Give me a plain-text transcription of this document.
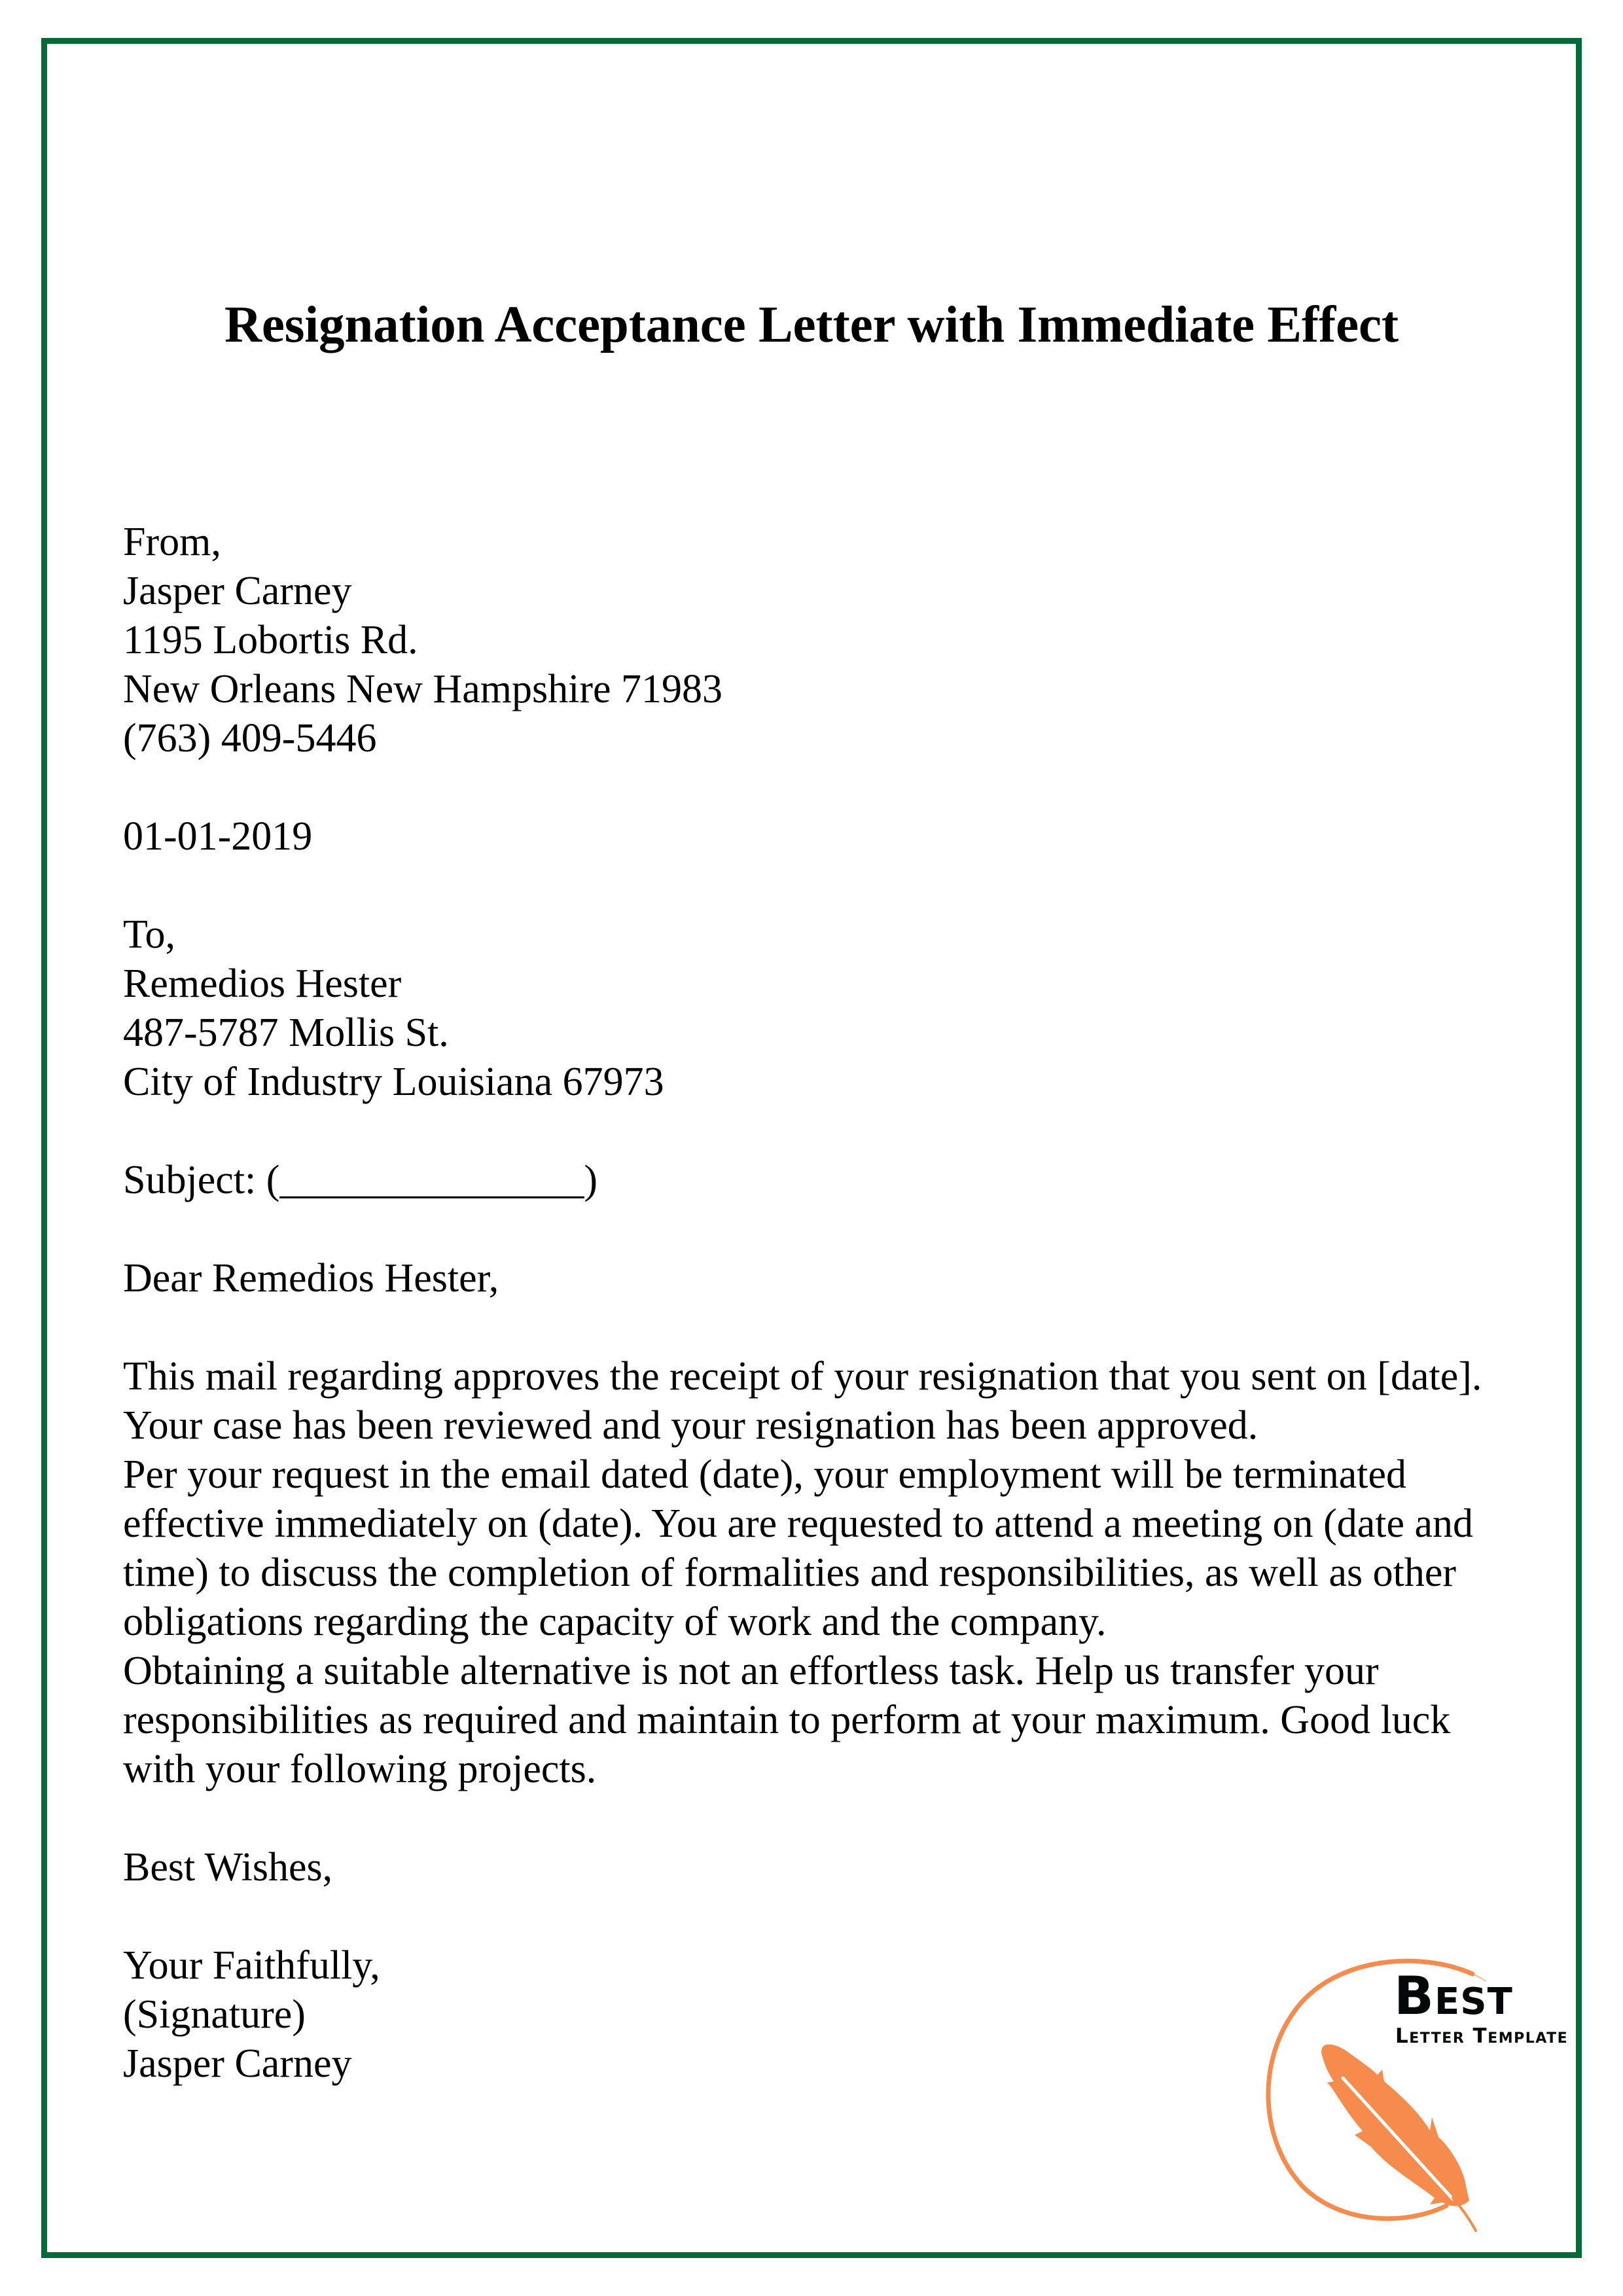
Resignation Acceptance Letter with Immediate Effect
From,
Jasper Carney
1195 Lobortis Rd.
New Orleans New Hampshire 71983
(763) 409-5446
01-01-2019
To,
Remedios Hester
487-5787 Mollis St.
City of Industry Louisiana 67973
Subject: (_______________)
Dear Remedios Hester,
This mail regarding approves the receipt of your resignation that you sent on [date].
Your case has been reviewed and your resignation has been approved.
Per your request in the email dated (date), your employment will be terminated
effective immediately on (date). You are requested to attend a meeting on (date and
time) to discuss the completion of formalities and responsibilities, as well as other
obligations regarding the capacity of work and the company.
Obtaining a suitable alternative is not an effortless task. Help us transfer your
responsibilities as required and maintain to perform at your maximum. Good luck
with your following projects.
Best Wishes,
Your Faithfully,
(Signature)
Jasper Carney
Best
Letter Template
